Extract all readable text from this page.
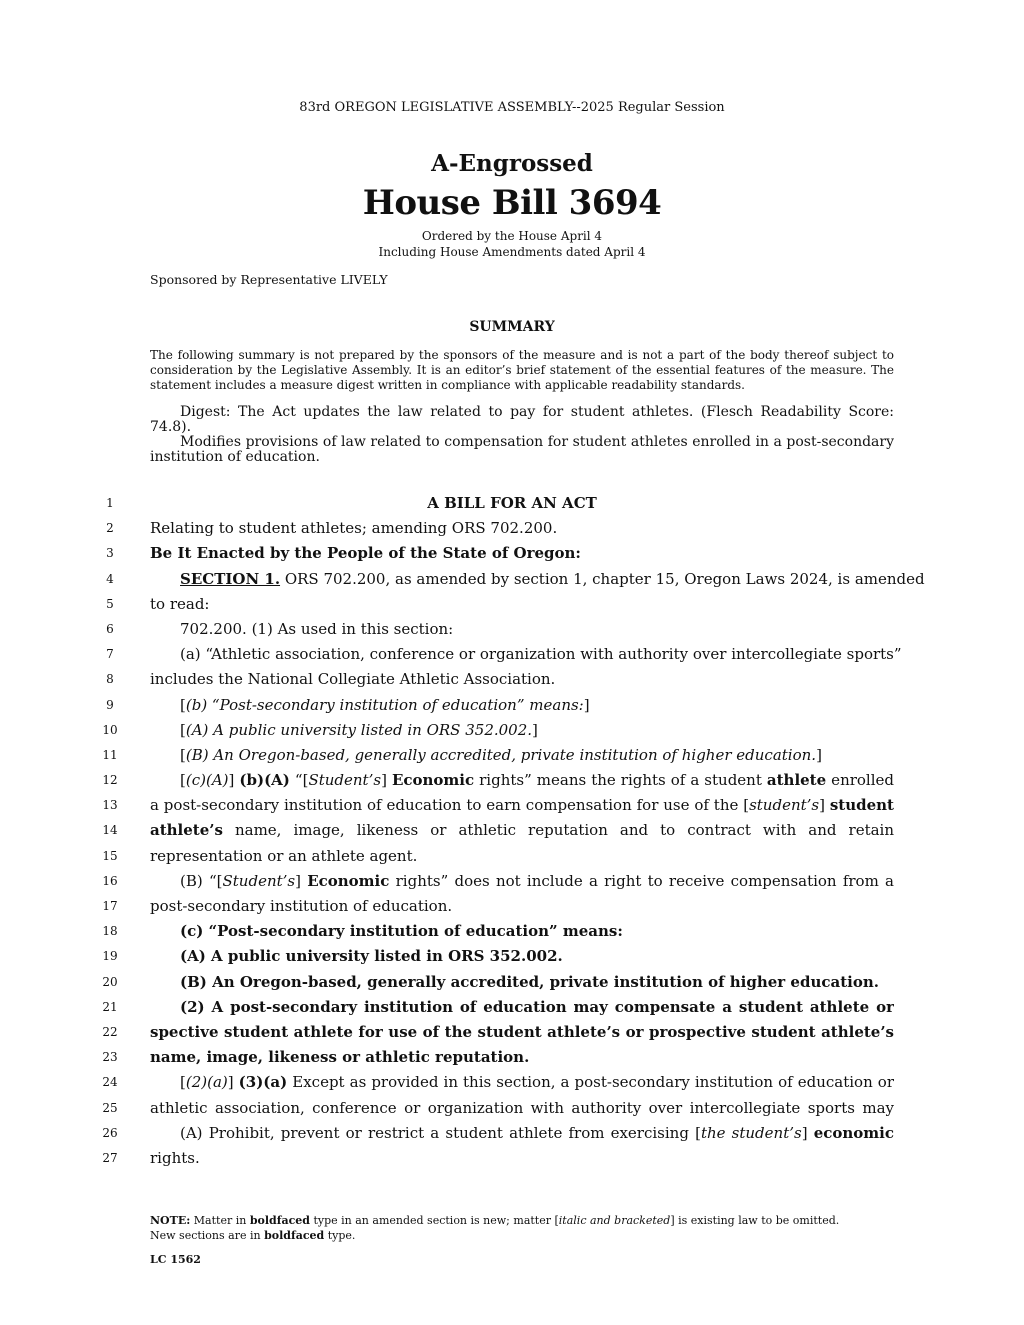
83rd OREGON LEGISLATIVE ASSEMBLY--2025 Regular Session
A-Engrossed
House Bill 3694
Ordered by the House April 4
Including House Amendments dated April 4
Sponsored by Representative LIVELY
SUMMARY
The following summary is not prepared by the sponsors of the measure and is not a part of the body thereof subject to consideration by the Legislative Assembly. It is an editor’s brief statement of the essential features of the measure. The statement includes a measure digest written in compliance with applicable readability standards.

Digest: The Act updates the law related to pay for student athletes. (Flesch Readability Score: 74.8).

Modifies provisions of law related to compensation for student athletes enrolled in a post-secondary institution of education.

1	A BILL FOR AN ACT
2	Relating to student athletes; amending ORS 702.200.
3	Be It Enacted by the People of the State of Oregon:
4	SECTION 1. ORS 702.200, as amended by section 1, chapter 15, Oregon Laws 2024, is amended
5	to read:
6	702.200. (1) As used in this section:
7	(a) “Athletic association, conference or organization with authority over intercollegiate sports”
8	includes the National Collegiate Athletic Association.
9	[(b) “Post-secondary institution of education” means:]
10	[(A) A public university listed in ORS 352.002.]
11	[(B) An Oregon-based, generally accredited, private institution of higher education.]
12	[(c)(A)] (b)(A) “[Student’s] Economic rights” means the rights of a student athlete enrolled
13	a post-secondary institution of education to earn compensation for use of the [student’s] student
14	athlete’s name, image, likeness or athletic reputation and to contract with and retain
15	representation or an athlete agent.
16	(B) “[Student’s] Economic rights” does not include a right to receive compensation from a
17	post-secondary institution of education.
18	(c) “Post-secondary institution of education” means:
19	(A) A public university listed in ORS 352.002.
20	(B) An Oregon-based, generally accredited, private institution of higher education.
21	(2) A post-secondary institution of education may compensate a student athlete or
22	spective student athlete for use of the student athlete’s or prospective student athlete’s
23	name, image, likeness or athletic reputation.
24	[(2)(a)] (3)(a) Except as provided in this section, a post-secondary institution of education or
25	athletic association, conference or organization with authority over intercollegiate sports may
26	(A) Prohibit, prevent or restrict a student athlete from exercising [the student’s] economic
27	rights.
NOTE: Matter in boldfaced type in an amended section is new; matter [italic and bracketed] is existing law to be omitted.
New sections are in boldfaced type.
LC 1562
